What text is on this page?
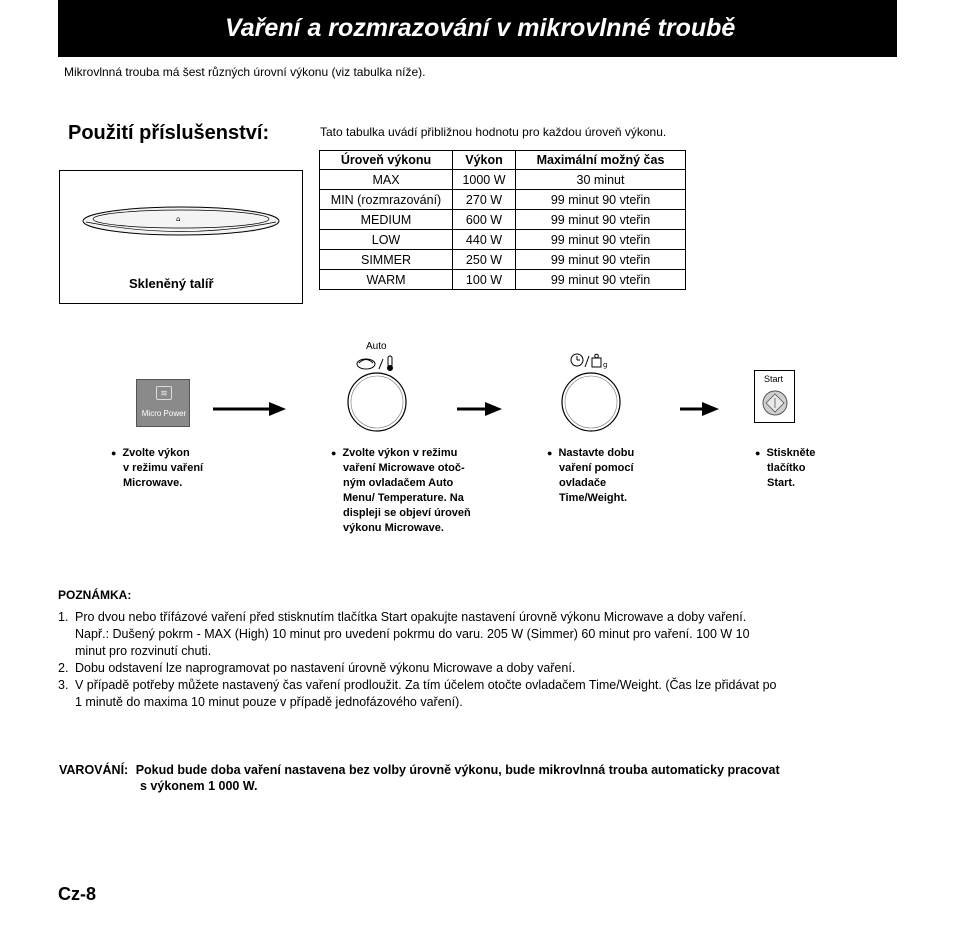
Vaření a rozmrazování v mikrovlnné troubě
Mikrovlnná trouba má šest různých úrovní výkonu (viz tabulka níže).
Použití příslušenství:
⌂
Skleněný talíř
Tato tabulka uvádí přibližnou hodnotu pro každou úroveň výkonu.
Úroveň výkonu	Výkon	Maximální možný čas
MAX	1000 W	30 minut
MIN (rozmrazování)	270 W	99 minut 90 vteřin
MEDIUM	600 W	99 minut 90 vteřin
LOW	440 W	99 minut 90 vteřin
SIMMER	250 W	99 minut 90 vteřin
WARM	100 W	99 minut 90 vteřin
≋
Micro Power
Auto
g
Start
● Zvolte výkon
v režimu vaření
Microwave.
● Zvolte výkon v režimu
vaření Microwave otoč-
ným ovladačem Auto
Menu/ Temperature. Na
displeji se objeví úroveň
výkonu Microwave.
● Nastavte dobu
vaření pomocí
ovladače
Time/Weight.
● Stiskněte
tlačítko
Start.
POZNÁMKA:
1. Pro dvou nebo třífázové vaření před stisknutím tlačítka Start opakujte nastavení úrovně výkonu Microwave a doby vaření.
Např.: Dušený pokrm - MAX (High) 10 minut pro uvedení pokrmu do varu. 205 W (Simmer) 60 minut pro vaření. 100 W 10
minut pro rozvinutí chuti.
2. Dobu odstavení lze naprogramovat po nastavení úrovně výkonu Microwave a doby vaření.
3. V případě potřeby můžete nastavený čas vaření prodloužit. Za tím účelem otočte ovladačem Time/Weight. (Čas lze přidávat po
1 minutě do maxima 10 minut pouze v případě jednofázového vaření).
VAROVÁNÍ: Pokud bude doba vaření nastavena bez volby úrovně výkonu, bude mikrovlnná trouba automaticky pracovat
s výkonem 1 000 W.
Cz-8
